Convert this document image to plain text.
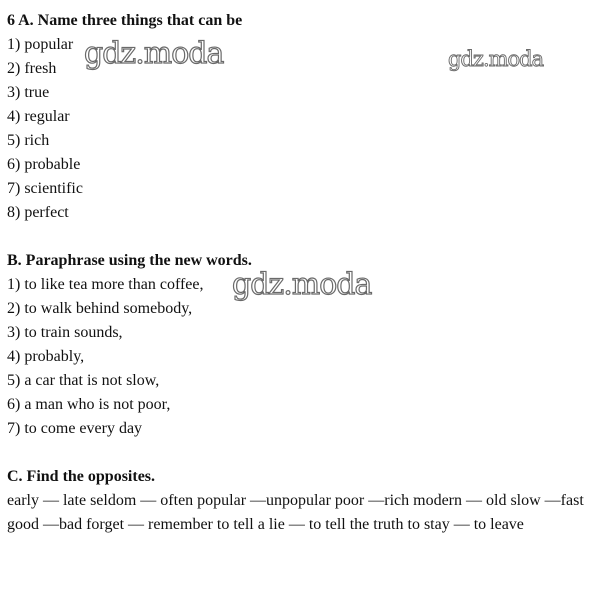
6 A. Name three things that can be
1) popular
2) fresh
3) true
4) regular
5) rich
6) probable
7) scientific
8) perfect
B. Paraphrase using the new words.
1) to like tea more than coffee,
2) to walk behind somebody,
3) to train sounds,
4) probably,
5) a car that is not slow,
6) a man who is not poor,
7) to come every day
C. Find the opposites.
early — late seldom — often popular —unpopular poor —rich modern — old slow —fast good —bad forget — remember to tell a lie — to tell the truth to stay — to leave
gdz.moda	gdz.moda
gdz.moda
